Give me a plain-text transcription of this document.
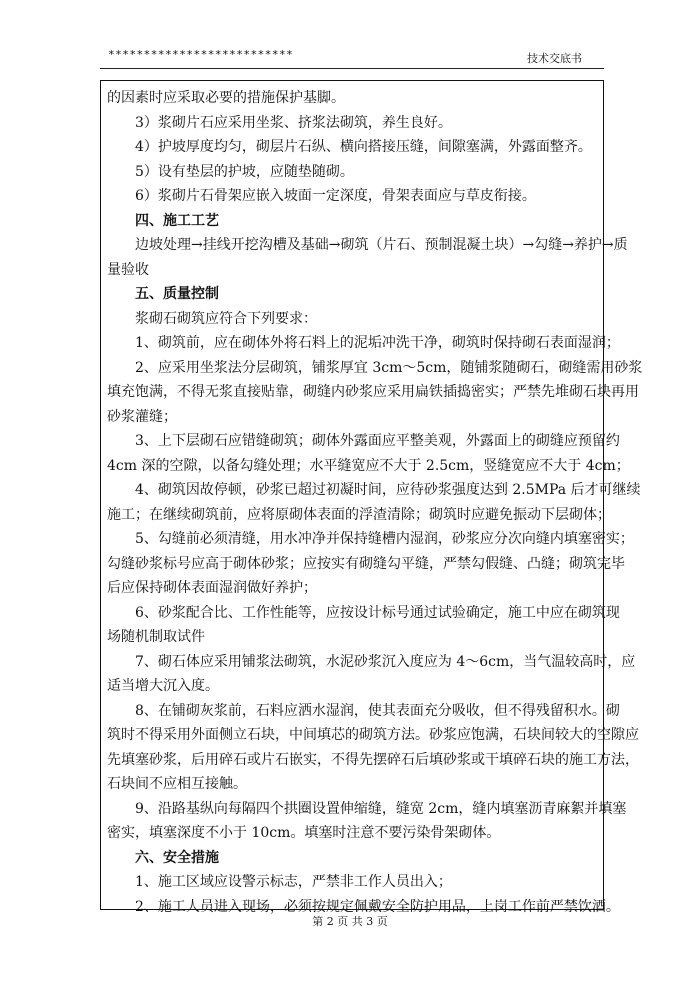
**************************	技术交底书
的因素时应采取必要的措施保护基脚。
3）浆砌片石应采用坐浆、挤浆法砌筑，养生良好。
4）护坡厚度均匀，砌层片石纵、横向搭接压缝，间隙塞满，外露面整齐。
5）设有垫层的护坡，应随垫随砌。
6）浆砌片石骨架应嵌入坡面一定深度，骨架表面应与草皮衔接。
四、施工工艺
边坡处理→挂线开挖沟槽及基础→砌筑（片石、预制混凝土块）→勾缝→养护→质
量验收
五、质量控制
浆砌石砌筑应符合下列要求：
1、砌筑前，应在砌体外将石料上的泥垢冲洗干净，砌筑时保持砌石表面湿润；
2、应采用坐浆法分层砌筑，铺浆厚宜 3cm～5cm，随铺浆随砌石，砌缝需用砂浆
填充饱满，不得无浆直接贴靠，砌缝内砂浆应采用扁铁插捣密实；严禁先堆砌石块再用
砂浆灌缝；
3、上下层砌石应错缝砌筑；砌体外露面应平整美观，外露面上的砌缝应预留约
4cm 深的空隙，以备勾缝处理；水平缝宽应不大于 2.5cm，竖缝宽应不大于 4cm；
4、砌筑因故停顿，砂浆已超过初凝时间，应待砂浆强度达到 2.5MPa 后才可继续
施工；在继续砌筑前，应将原砌体表面的浮渣清除；砌筑时应避免振动下层砌体；
5、勾缝前必须清缝，用水冲净并保持缝槽内湿润，砂浆应分次向缝内填塞密实；
勾缝砂浆标号应高于砌体砂浆；应按实有砌缝勾平缝，严禁勾假缝、凸缝；砌筑完毕
后应保持砌体表面湿润做好养护；
6、砂浆配合比、工作性能等，应按设计标号通过试验确定，施工中应在砌筑现
场随机制取试件
7、砌石体应采用铺浆法砌筑，水泥砂浆沉入度应为 4～6cm，当气温较高时，应
适当增大沉入度。
8、在铺砌灰浆前，石料应洒水湿润，使其表面充分吸收，但不得残留积水。砌
筑时不得采用外面侧立石块，中间填芯的砌筑方法。砂浆应饱满，石块间较大的空隙应
先填塞砂浆，后用碎石或片石嵌实，不得先摆碎石后填砂浆或干填碎石块的施工方法，
石块间不应相互接触。
9、沿路基纵向每隔四个拱圈设置伸缩缝，缝宽 2cm，缝内填塞沥青麻絮并填塞
密实，填塞深度不小于 10cm。填塞时注意不要污染骨架砌体。
六、安全措施
1、施工区域应设警示标志，严禁非工作人员出入；
2、施工人员进入现场，必须按规定佩戴安全防护用品，上岗工作前严禁饮酒。
第 2 页 共 3 页
